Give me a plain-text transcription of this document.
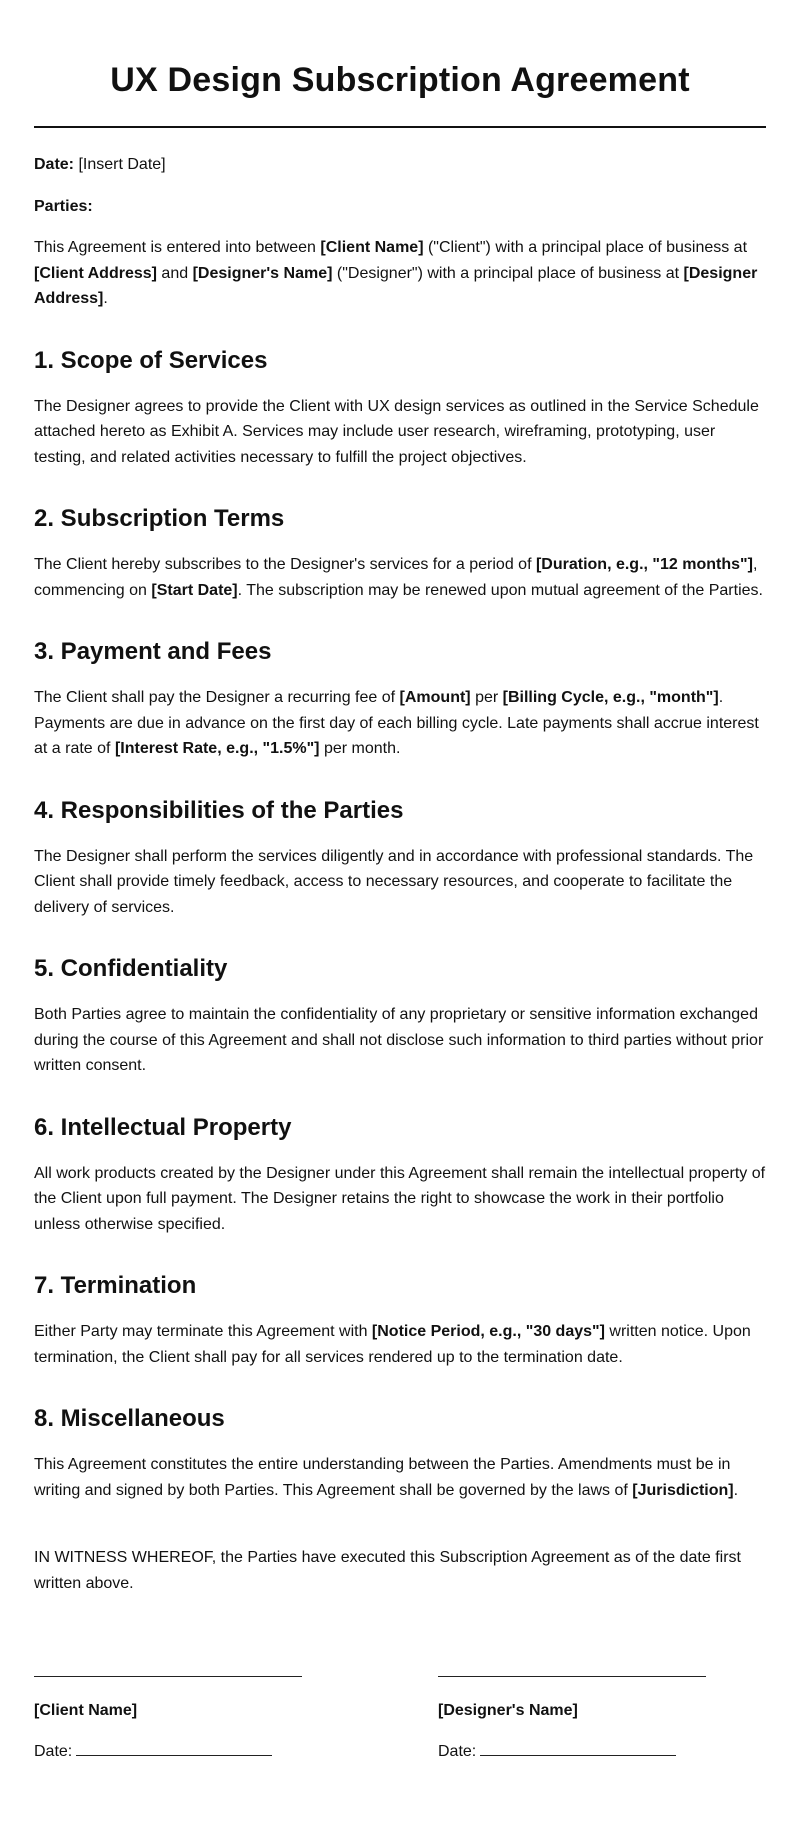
UX Design Subscription Agreement

Date: [Insert Date]

Parties:

This Agreement is entered into between [Client Name] ("Client") with a principal place of business at [Client Address] and [Designer's Name] ("Designer") with a principal place of business at [Designer Address].

1. Scope of Services

The Designer agrees to provide the Client with UX design services as outlined in the Service Schedule attached hereto as Exhibit A. Services may include user research, wireframing, prototyping, user testing, and related activities necessary to fulfill the project objectives.

2. Subscription Terms

The Client hereby subscribes to the Designer's services for a period of [Duration, e.g., "12 months"], commencing on [Start Date]. The subscription may be renewed upon mutual agreement of the Parties.

3. Payment and Fees

The Client shall pay the Designer a recurring fee of [Amount] per [Billing Cycle, e.g., "month"]. Payments are due in advance on the first day of each billing cycle. Late payments shall accrue interest at a rate of [Interest Rate, e.g., "1.5%"] per month.

4. Responsibilities of the Parties

The Designer shall perform the services diligently and in accordance with professional standards. The Client shall provide timely feedback, access to necessary resources, and cooperate to facilitate the delivery of services.

5. Confidentiality

Both Parties agree to maintain the confidentiality of any proprietary or sensitive information exchanged during the course of this Agreement and shall not disclose such information to third parties without prior written consent.

6. Intellectual Property

All work products created by the Designer under this Agreement shall remain the intellectual property of the Client upon full payment. The Designer retains the right to showcase the work in their portfolio unless otherwise specified.

7. Termination

Either Party may terminate this Agreement with [Notice Period, e.g., "30 days"] written notice. Upon termination, the Client shall pay for all services rendered up to the termination date.

8. Miscellaneous

This Agreement constitutes the entire understanding between the Parties. Amendments must be in writing and signed by both Parties. This Agreement shall be governed by the laws of [Jurisdiction].

IN WITNESS WHEREOF, the Parties have executed this Subscription Agreement as of the date first written above.

[Client Name]
Date:
[Designer's Name]
Date:
